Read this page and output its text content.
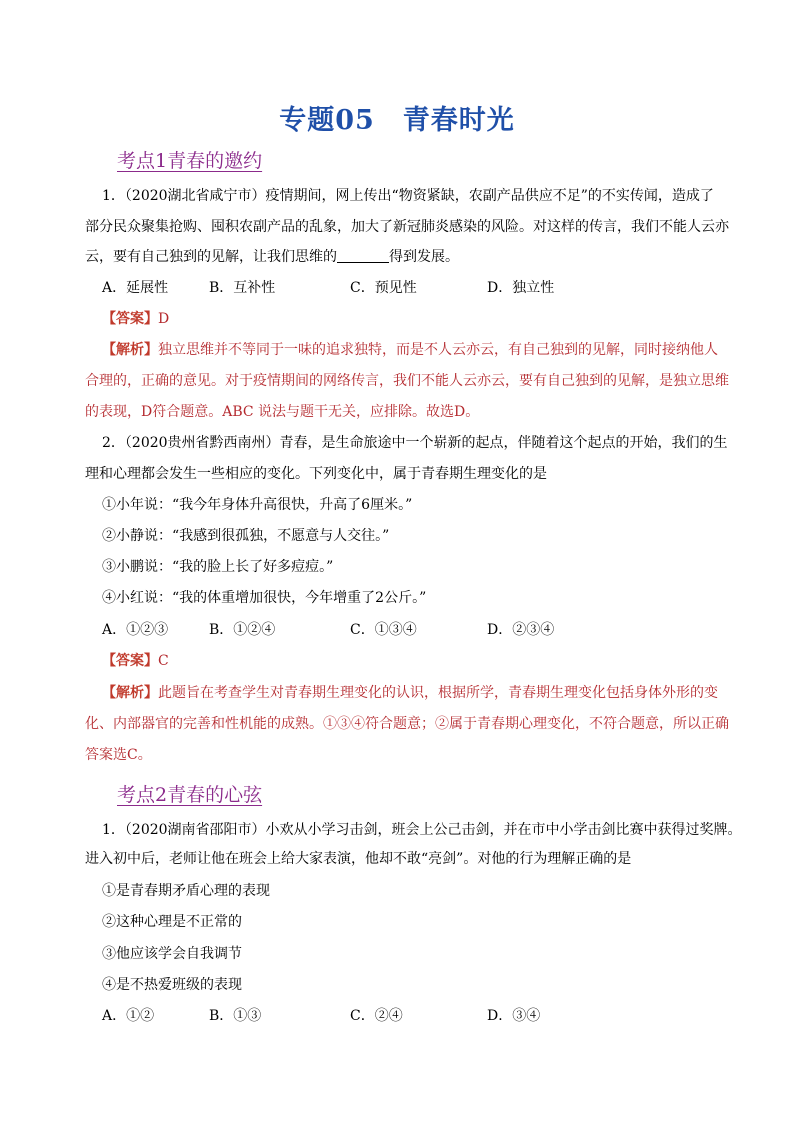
专题05 青春时光
考点1青春的邀约
1．（2020湖北省咸宁市）疫情期间，网上传出“物资紧缺，农副产品供应不足”的不实传闻，造成了
部分民众聚集抢购、囤积农副产品的乱象，加大了新冠肺炎感染的风险。对这样的传言，我们不能人云亦
云，要有自己独到的见解，让我们思维的	得到发展。
A．延展性	B．互补性	C．预见性	D．独立性
【答案】D
【解析】独立思维并不等同于一味的追求独特，而是不人云亦云，有自己独到的见解，同时接纳他人
合理的，正确的意见。对于疫情期间的网络传言，我们不能人云亦云，要有自己独到的见解，是独立思维
的表现，D符合题意。ABC 说法与题干无关，应排除。故选D。
2．（2020贵州省黔西南州）青春，是生命旅途中一个崭新的起点，伴随着这个起点的开始，我们的生
理和心理都会发生一些相应的变化。下列变化中，属于青春期生理变化的是
①小年说：“我今年身体升高很快，升高了6厘米。”
②小静说：“我感到很孤独，不愿意与人交往。”
③小鹏说：“我的脸上长了好多痘痘。”
④小红说：“我的体重增加很快，今年增重了2公斤。”
A．①②③	B．①②④	C．①③④	D．②③④
【答案】C
【解析】此题旨在考查学生对青春期生理变化的认识，根据所学，青春期生理变化包括身体外形的变
化、内部器官的完善和性机能的成熟。①③④符合题意；②属于青春期心理变化，不符合题意，所以正确
答案选C。
考点2青春的心弦
1．（2020湖南省邵阳市）小欢从小学习击剑，班会上公己击剑，并在市中小学击剑比赛中获得过奖牌。
进入初中后，老师让他在班会上给大家表演，他却不敢“亮剑”。对他的行为理解正确的是
①是青春期矛盾心理的表现
②这种心理是不正常的
③他应该学会自我调节
④是不热爱班级的表现
A．①②	B．①③	C．②④	D．③④
